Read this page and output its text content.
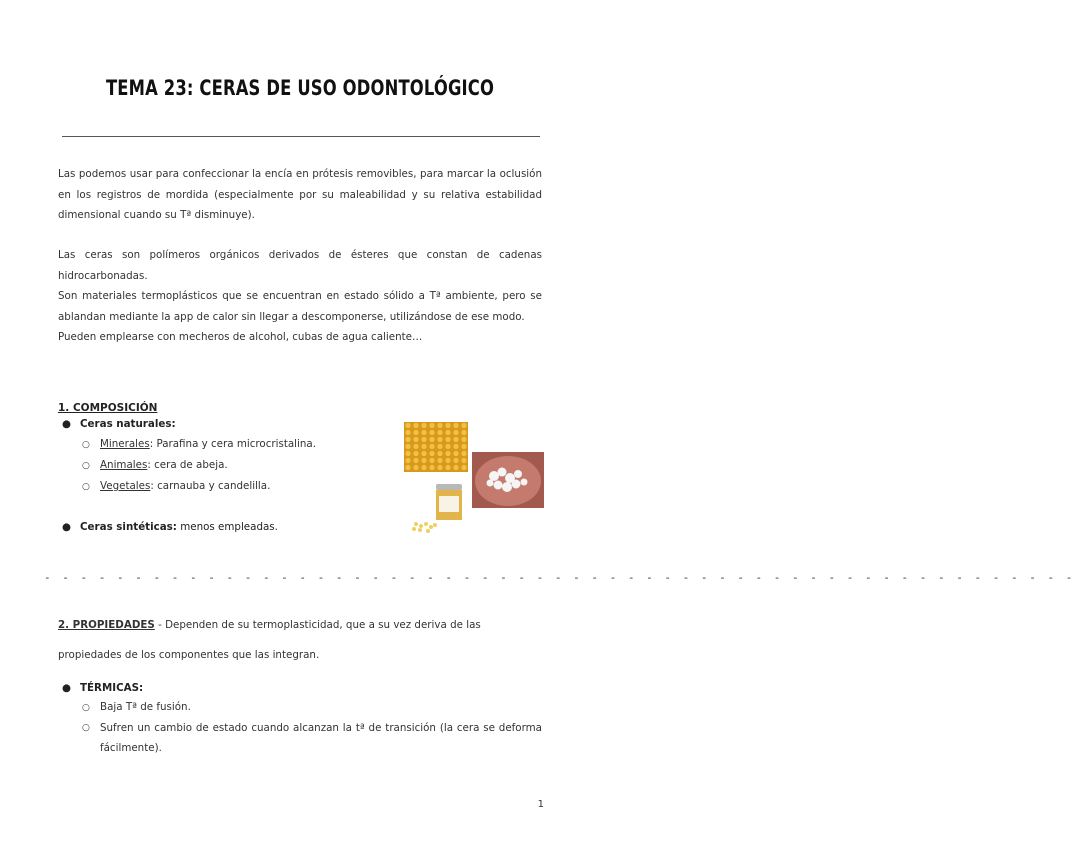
TEMA 23: CERAS DE USO ODONTOLÓGICO

Las podemos usar para confeccionar la encía en prótesis removibles, para marcar la oclusión en los registros de mordida (especialmente por su maleabilidad y su relativa estabilidad dimensional cuando su Tª disminuye).

Las ceras son polímeros orgánicos derivados de ésteres que constan de cadenas hidrocarbonadas.

Son materiales termoplásticos que se encuentran en estado sólido a Tª ambiente, pero se ablandan mediante la app de calor sin llegar a descomponerse, utilizándose de ese modo.

Pueden emplearse con mecheros de alcohol, cubas de agua caliente…

1. COMPOSICIÓN
● Ceras naturales:
○ Minerales: Parafina y cera microcristalina.
○ Animales: cera de abeja.
○ Vegetales: carnauba y candelilla.
● Ceras sintéticas: menos empleadas.
- - - - - - - - - - - - - - - - - - - - - - - - - - - - - - - - - - - - - - - - - - - - - - - - - - - - - - - - -

2. PROPIEDADES - Dependen de su termoplasticidad, que a su vez deriva de las

propiedades de los componentes que las integran.

● TÉRMICAS:
○ Baja Tª de fusión.
○ Sufren un cambio de estado cuando alcanzan la tª de transición (la cera se deforma fácilmente).
1
